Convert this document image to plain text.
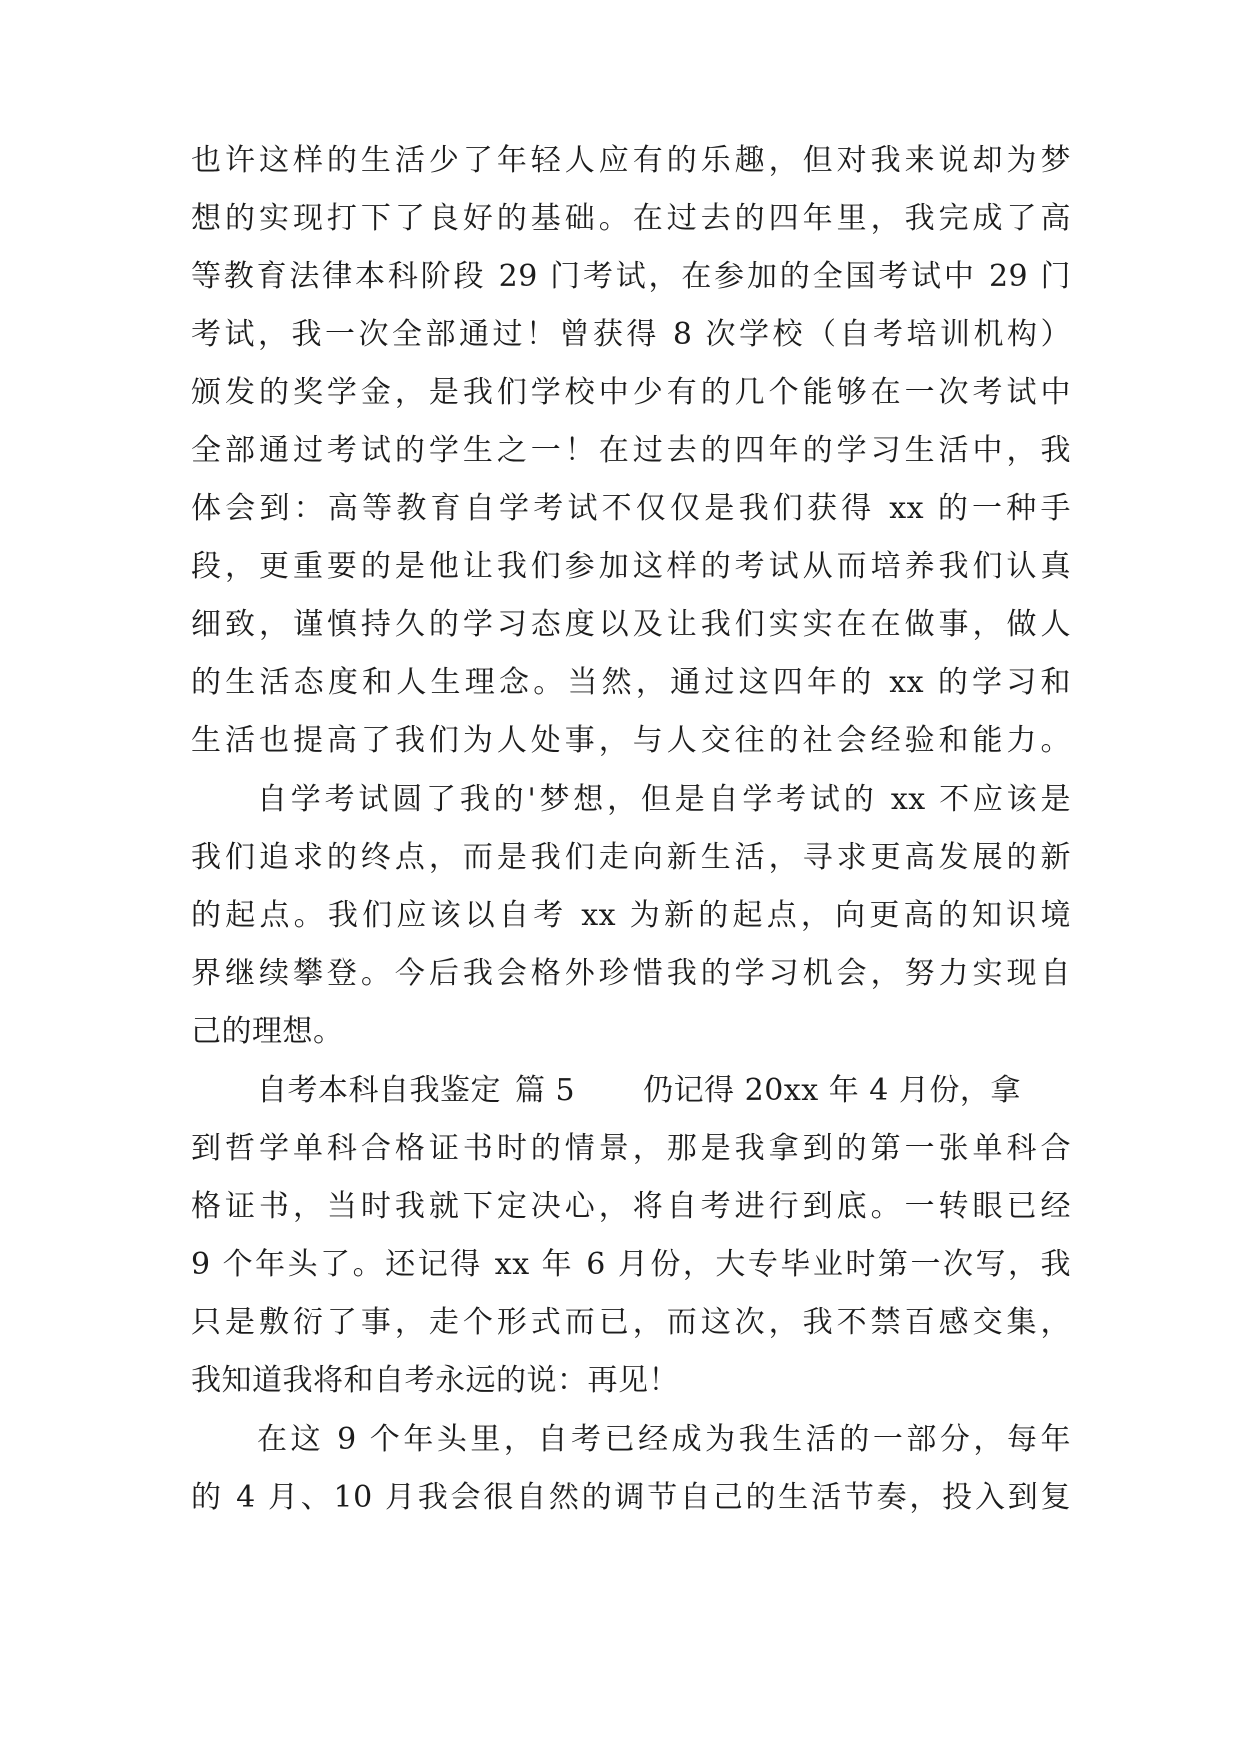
也许这样的生活少了年轻人应有的乐趣，但对我来说却为梦
想的实现打下了良好的基础。在过去的四年里，我完成了高
等教育法律本科阶段 29 门考试，在参加的全国考试中 29 门
考试，我一次全部通过！曾获得 8 次学校（自考培训机构）
颁发的奖学金，是我们学校中少有的几个能够在一次考试中
全部通过考试的学生之一！在过去的四年的学习生活中，我
体会到：高等教育自学考试不仅仅是我们获得 xx 的一种手
段，更重要的是他让我们参加这样的考试从而培养我们认真
细致，谨慎持久的学习态度以及让我们实实在在做事，做人
的生活态度和人生理念。当然，通过这四年的 xx 的学习和
生活也提高了我们为人处事，与人交往的社会经验和能力。
自学考试圆了我的'梦想，但是自学考试的 xx 不应该是
我们追求的终点，而是我们走向新生活，寻求更高发展的新
的起点。我们应该以自考 xx 为新的起点，向更高的知识境
界继续攀登。今后我会格外珍惜我的学习机会，努力实现自
己的理想。
自考本科自我鉴定 篇 5 仍记得 20xx 年 4 月份，拿
到哲学单科合格证书时的情景，那是我拿到的第一张单科合
格证书，当时我就下定决心，将自考进行到底。一转眼已经
9 个年头了。还记得 xx 年 6 月份，大专毕业时第一次写，我
只是敷衍了事，走个形式而已，而这次，我不禁百感交集，
我知道我将和自考永远的说：再见！
在这 9 个年头里，自考已经成为我生活的一部分，每年
的 4 月、10 月我会很自然的调节自己的生活节奏，投入到复
